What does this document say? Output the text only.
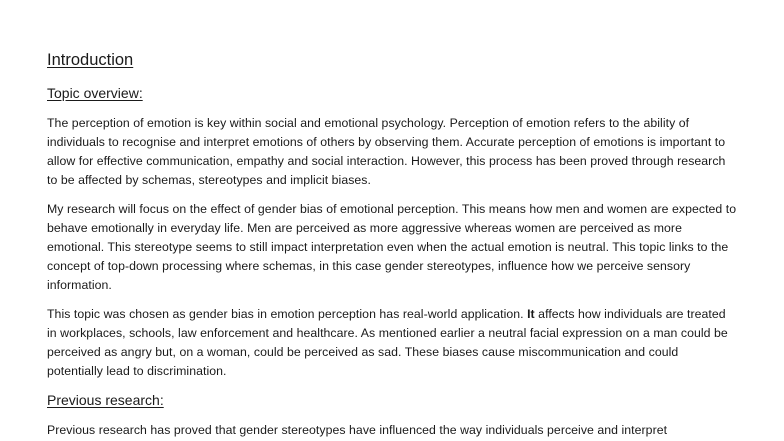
Introduction
Topic overview:

The perception of emotion is key within social and emotional psychology. Perception of emotion refers to the ability of individuals to recognise and interpret emotions of others by observing them. Accurate perception of emotions is important to allow for effective communication, empathy and social interaction. However, this process has been proved through research to be affected by schemas, stereotypes and implicit biases.

My research will focus on the effect of gender bias of emotional perception. This means how men and women are expected to behave emotionally in everyday life. Men are perceived as more aggressive whereas women are perceived as more emotional. This stereotype seems to still impact interpretation even when the actual emotion is neutral. This topic links to the concept of top-down processing where schemas, in this case gender stereotypes, influence how we perceive sensory information.

This topic was chosen as gender bias in emotion perception has real-world application. It affects how individuals are treated in workplaces, schools, law enforcement and healthcare. As mentioned earlier a neutral facial expression on a man could be perceived as angry but, on a woman, could be perceived as sad. These biases cause miscommunication and could potentially lead to discrimination.

Previous research:

Previous research has proved that gender stereotypes have influenced the way individuals perceive and interpret
